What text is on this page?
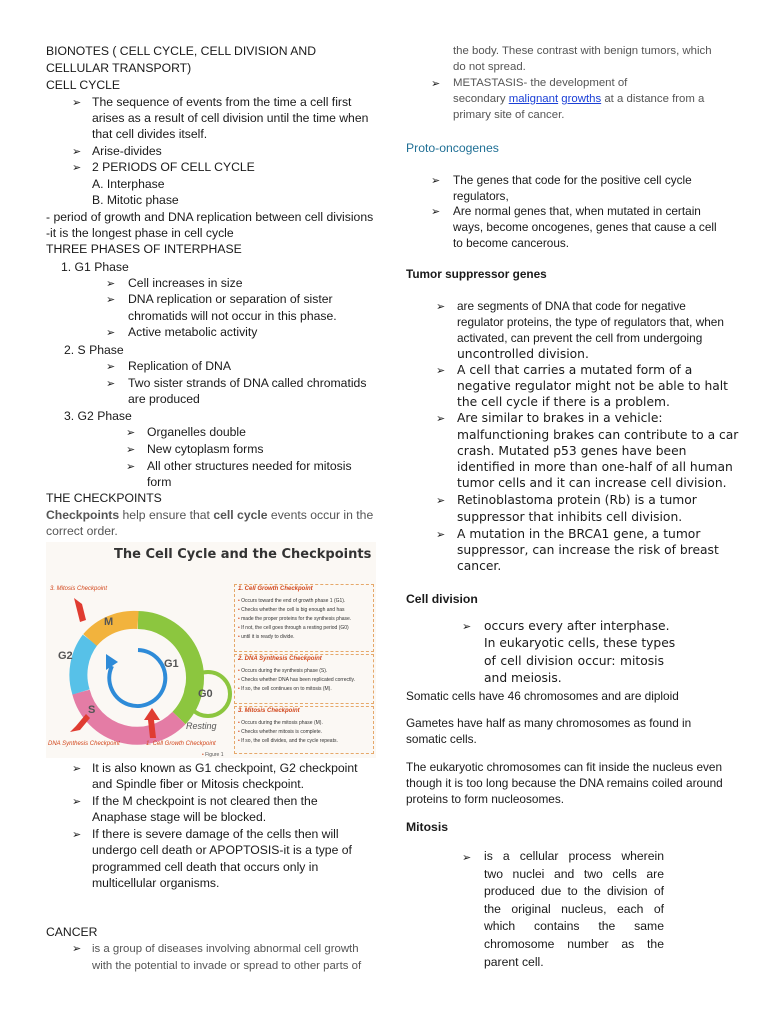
BIONOTES ( CELL CYCLE, CELL DIVISION AND
CELLULAR TRANSPORT)
CELL CYCLE
➢ The sequence of events from the time a cell first
arises as a result of cell division until the time when
that cell divides itself.
➢ Arise-divides
➢ 2 PERIODS OF CELL CYCLE
A. Interphase
B. Mitotic phase
- period of growth and DNA replication between cell divisions
-it is the longest phase in cell cycle
THREE PHASES OF INTERPHASE
1. G1 Phase
➢ Cell increases in size
➢ DNA replication or separation of sister
chromatids will not occur in this phase.
➢ Active metabolic activity
2. S Phase
➢ Replication of DNA
➢ Two sister strands of DNA called chromatids
are produced
3. G2 Phase
➢ Organelles double
➢ New cytoplasm forms
➢ All other structures needed for mitosis
form
THE CHECKPOINTS
Checkpoints help ensure that cell cycle events occur in the
correct order.
The Cell Cycle and the Checkpoints
M
G1
G2
S
G0
Resting
3. Mitosis Checkpoint
DNA Synthesis Checkpoint	1. Cell Growth Checkpoint
1. Cell Growth Checkpoint
• Occurs toward the end of growth phase 1 (G1).
• Checks whether the cell is big enough and has
• made the proper proteins for the synthesis phase.
• If not, the cell goes through a resting period (G0)
• until it is ready to divide.
2. DNA Synthesis Checkpoint
• Occurs during the synthesis phase (S).
• Checks whether DNA has been replicated correctly.
• If so, the cell continues on to mitosis (M).
3. Mitosis Checkpoint
• Occurs during the mitosis phase (M).
• Checks whether mitosis is complete.
• If so, the cell divides, and the cycle repeats.
• Figure 1
➢ It is also known as G1 checkpoint, G2 checkpoint
and Spindle fiber or Mitosis checkpoint.
➢ If the M checkpoint is not cleared then the
Anaphase stage will be blocked.
➢ If there is severe damage of the cells then will
undergo cell death or APOPTOSIS-it is a type of
programmed cell death that occurs only in
multicellular organisms.
CANCER
➢ is a group of diseases involving abnormal cell growth
with the potential to invade or spread to other parts of
the body. These contrast with benign tumors, which
do not spread.
➢ METASTASIS- the development of
secondary malignant growths at a distance from a
primary site of cancer.
Proto-oncogenes
➢ The genes that code for the positive cell cycle
regulators,
➢ Are normal genes that, when mutated in certain
ways, become oncogenes, genes that cause a cell
to become cancerous.
Tumor suppressor genes
➢ are segments of DNA that code for negative
regulator proteins, the type of regulators that, when
activated, can prevent the cell from undergoing
uncontrolled division.
➢ A cell that carries a mutated form of a
negative regulator might not be able to halt
the cell cycle if there is a problem.
➢ Are similar to brakes in a vehicle:
malfunctioning brakes can contribute to a car
crash. Mutated p53 genes have been
identified in more than one-half of all human
tumor cells and it can increase cell division.
➢ Retinoblastoma protein (Rb) is a tumor
suppressor that inhibits cell division.
➢ A mutation in the BRCA1 gene, a tumor
suppressor, can increase the risk of breast
cancer.
Cell division
➢ occurs every after interphase.
In eukaryotic cells, these types
of cell division occur: mitosis
and meiosis.
Somatic cells have 46 chromosomes and are diploid
Gametes have half as many chromosomes as found in
somatic cells.
The eukaryotic chromosomes can fit inside the nucleus even
though it is too long because the DNA remains coiled around
proteins to form nucleosomes.
Mitosis
➢ is a cellular process wherein
two nuclei and two cells are
produced due to the division of
the original nucleus, each of
which contains the same
chromosome number as the
parent cell.
